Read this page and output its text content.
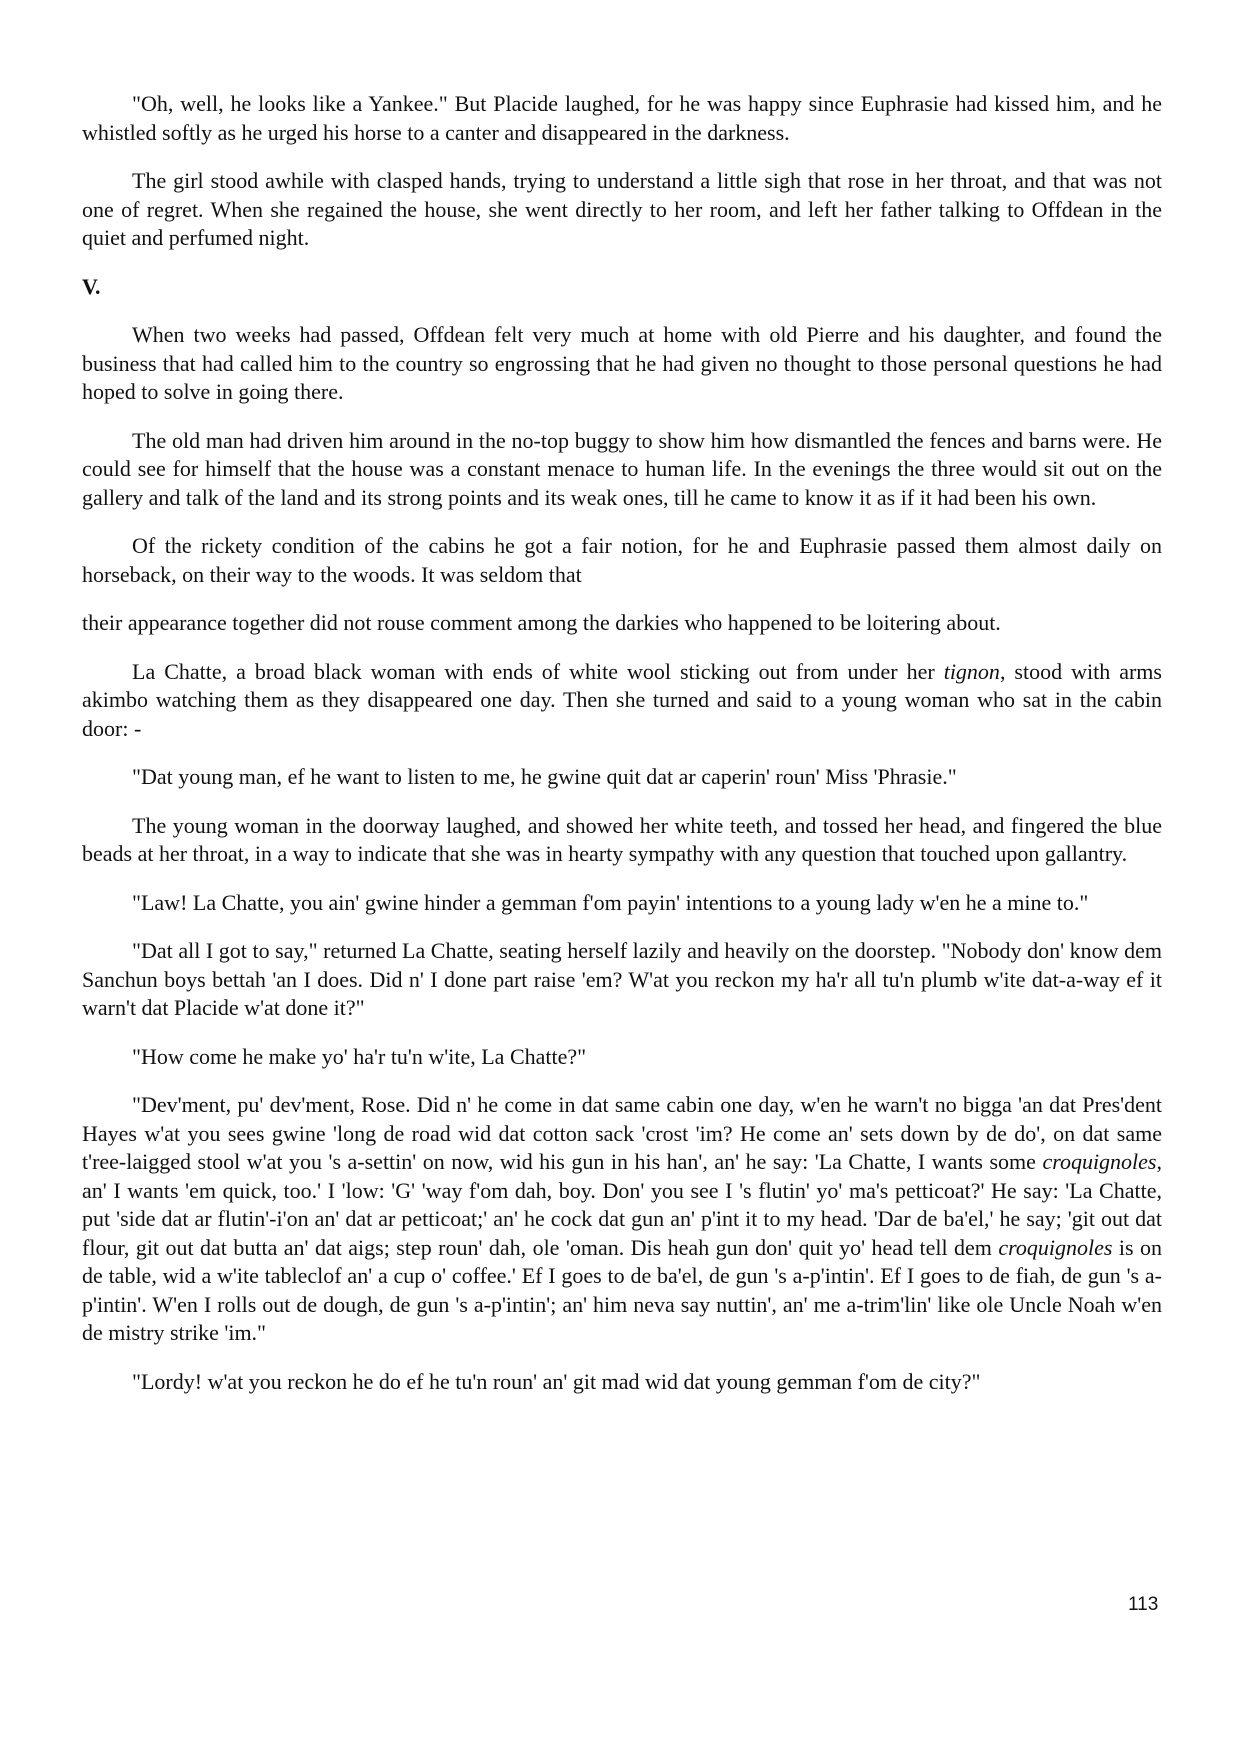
"Oh, well, he looks like a Yankee." But Placide laughed, for he was happy since Euphrasie had kissed him, and he whistled softly as he urged his horse to a canter and disappeared in the darkness.

The girl stood awhile with clasped hands, trying to understand a little sigh that rose in her throat, and that was not one of regret. When she regained the house, she went directly to her room, and left her father talking to Offdean in the quiet and perfumed night.

V.

When two weeks had passed, Offdean felt very much at home with old Pierre and his daughter, and found the business that had called him to the country so engrossing that he had given no thought to those personal questions he had hoped to solve in going there.

The old man had driven him around in the no-top buggy to show him how dismantled the fences and barns were. He could see for himself that the house was a constant menace to human life. In the evenings the three would sit out on the gallery and talk of the land and its strong points and its weak ones, till he came to know it as if it had been his own.

Of the rickety condition of the cabins he got a fair notion, for he and Euphrasie passed them almost daily on horseback, on their way to the woods. It was seldom that

their appearance together did not rouse comment among the darkies who happened to be loitering about.

La Chatte, a broad black woman with ends of white wool sticking out from under her tignon, stood with arms akimbo watching them as they disappeared one day. Then she turned and said to a young woman who sat in the cabin door: -

"Dat young man, ef he want to listen to me, he gwine quit dat ar caperin' roun' Miss 'Phrasie."

The young woman in the doorway laughed, and showed her white teeth, and tossed her head, and fingered the blue beads at her throat, in a way to indicate that she was in hearty sympathy with any question that touched upon gallantry.

"Law! La Chatte, you ain' gwine hinder a gemman f'om payin' intentions to a young lady w'en he a mine to."

"Dat all I got to say," returned La Chatte, seating herself lazily and heavily on the doorstep. "Nobody don' know dem Sanchun boys bettah 'an I does. Did n' I done part raise 'em? W'at you reckon my ha'r all tu'n plumb w'ite dat-a-way ef it warn't dat Placide w'at done it?"

"How come he make yo' ha'r tu'n w'ite, La Chatte?"

"Dev'ment, pu' dev'ment, Rose. Did n' he come in dat same cabin one day, w'en he warn't no bigga 'an dat Pres'dent Hayes w'at you sees gwine 'long de road wid dat cotton sack 'crost 'im? He come an' sets down by de do', on dat same t'ree-laigged stool w'at you 's a-settin' on now, wid his gun in his han', an' he say: 'La Chatte, I wants some croquignoles, an' I wants 'em quick, too.' I 'low: 'G' 'way f'om dah, boy. Don' you see I 's flutin' yo' ma's petticoat?' He say: 'La Chatte, put 'side dat ar flutin'-i'on an' dat ar petticoat;' an' he cock dat gun an' p'int it to my head. 'Dar de ba'el,' he say; 'git out dat flour, git out dat butta an' dat aigs; step roun' dah, ole 'oman. Dis heah gun don' quit yo' head tell dem croquignoles is on de table, wid a w'ite tableclof an' a cup o' coffee.' Ef I goes to de ba'el, de gun 's a-p'intin'. Ef I goes to de fiah, de gun 's a-p'intin'. W'en I rolls out de dough, de gun 's a-p'intin'; an' him neva say nuttin', an' me a-trim'lin' like ole Uncle Noah w'en de mistry strike 'im."

"Lordy! w'at you reckon he do ef he tu'n roun' an' git mad wid dat young gemman f'om de city?"

113
